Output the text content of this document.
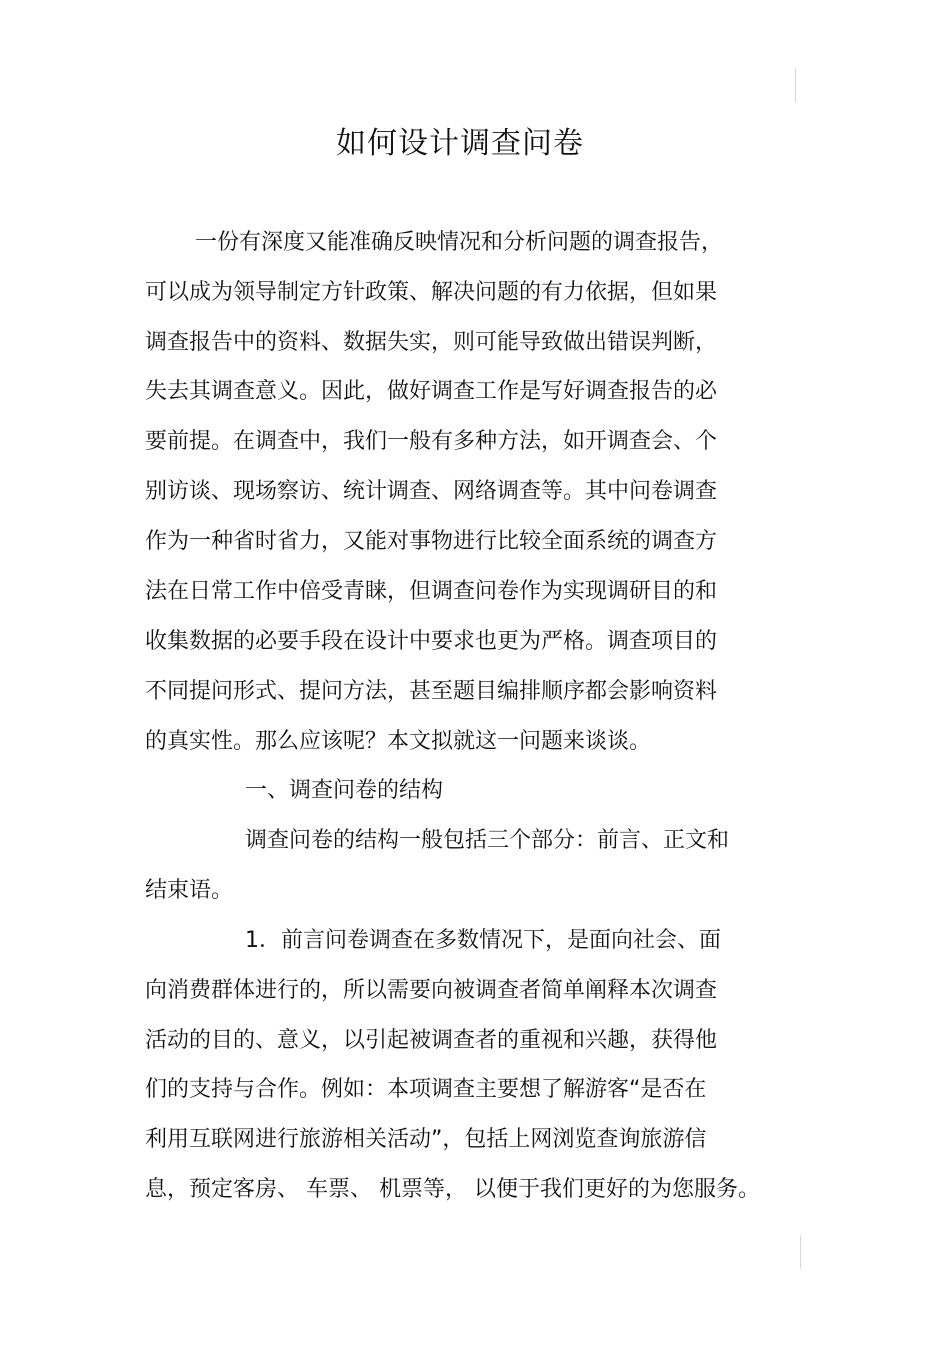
如何设计调查问卷
一份有深度又能准确反映情况和分析问题的调查报告，
可以成为领导制定方针政策、解决问题的有力依据，但如果
调查报告中的资料、数据失实，则可能导致做出错误判断，
失去其调查意义。因此，做好调查工作是写好调查报告的必
要前提。在调查中，我们一般有多种方法，如开调查会、个
别访谈、现场察访、统计调查、网络调查等。其中问卷调查
作为一种省时省力，又能对事物进行比较全面系统的调查方
法在日常工作中倍受青睐，但调查问卷作为实现调研目的和
收集数据的必要手段在设计中要求也更为严格。调查项目的
不同提问形式、提问方法，甚至题目编排顺序都会影响资料
的真实性。那么应该呢？本文拟就这一问题来谈谈。
一、调查问卷的结构
调查问卷的结构一般包括三个部分：前言、正文和
结束语。
1．前言问卷调查在多数情况下，是面向社会、面
向消费群体进行的，所以需要向被调查者简单阐释本次调查
活动的目的、意义，以引起被调查者的重视和兴趣，获得他
们的支持与合作。例如：本项调查主要想了解游客“是否在
利用互联网进行旅游相关活动”，包括上网浏览查询旅游信
息，预定客房、 车票、 机票等， 以便于我们更好的为您服务。
